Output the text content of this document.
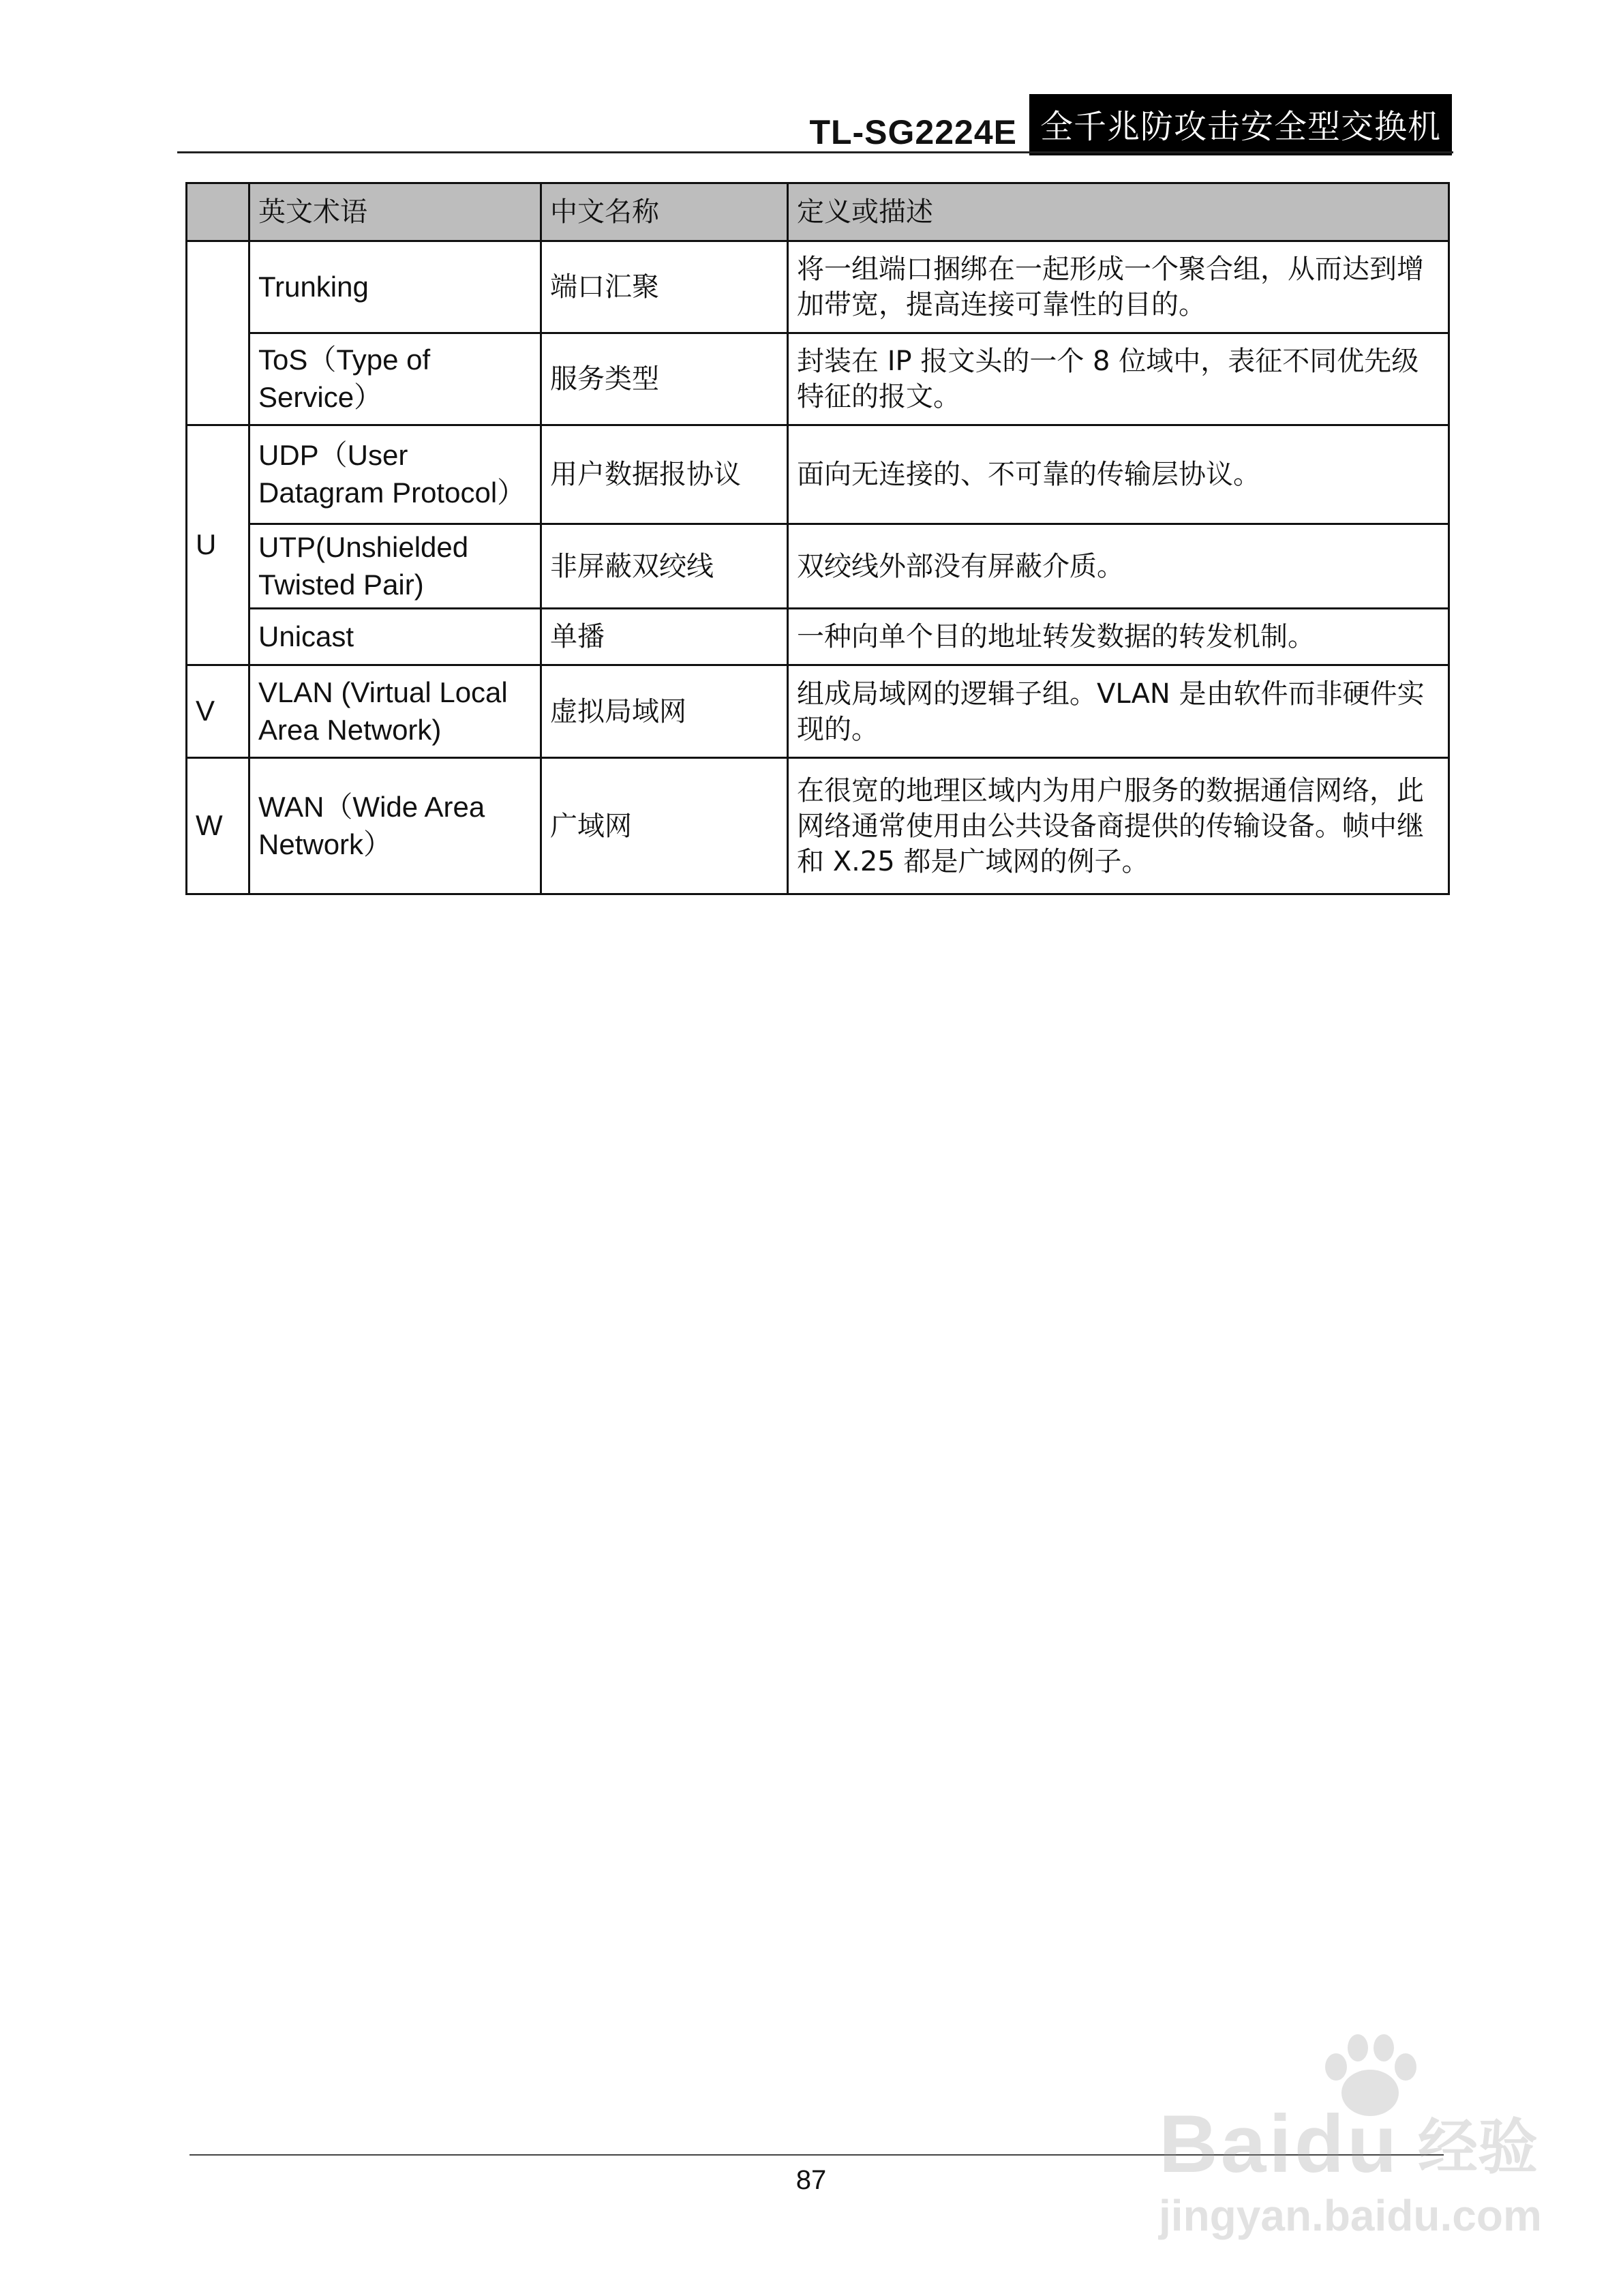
TL-SG2224E 全千兆防攻击安全型交换机
	英文术语	中文名称	定义或描述
	Trunking	端口汇聚	将一组端口捆绑在一起形成一个聚合组，从而达到增加带宽，提高连接可靠性的目的。
	ToS（Type of Service）	服务类型	封装在 IP 报文头的一个 8 位域中，表征不同优先级特征的报文。
U	UDP（User Datagram Protocol）	用户数据报协议	面向无连接的、不可靠的传输层协议。
	UTP(Unshielded Twisted Pair)	非屏蔽双绞线	双绞线外部没有屏蔽介质。
	Unicast	单播	一种向单个目的地址转发数据的转发机制。
V	VLAN (Virtual Local Area Network)	虚拟局域网	组成局域网的逻辑子组。VLAN 是由软件而非硬件实现的。
W	WAN（Wide Area Network）	广域网	在很宽的地理区域内为用户服务的数据通信网络，此网络通常使用由公共设备商提供的传输设备。帧中继和 X.25 都是广域网的例子。
87	Baidu 经验
jingyan.baidu.com
